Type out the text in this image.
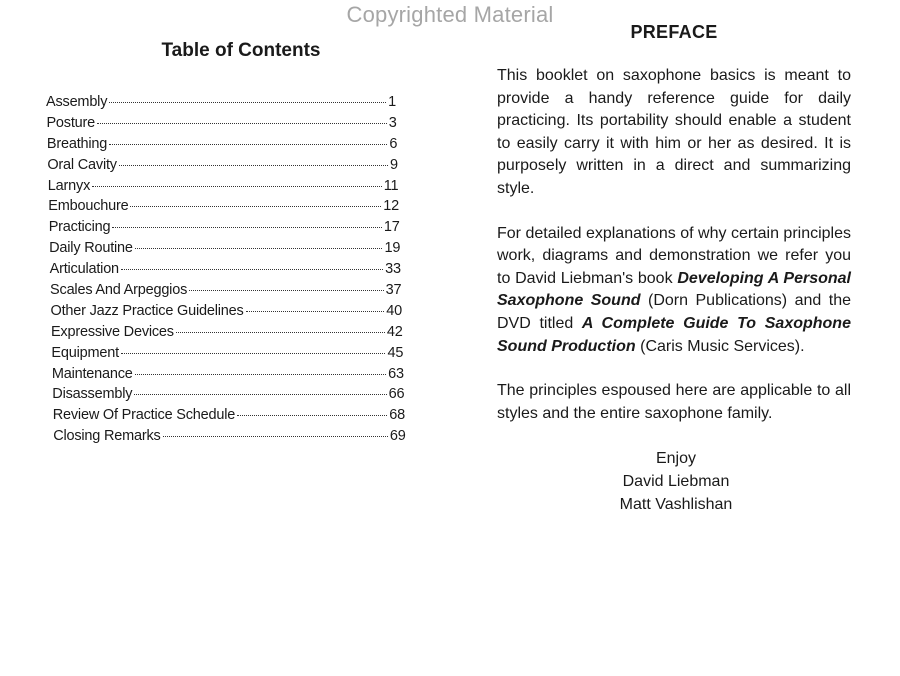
Copyrighted Material
Table of Contents
Assembly	1
Posture	3
Breathing	6
Oral Cavity	9
Larnyx	11
Embouchure	12
Practicing	17
Daily Routine	19
Articulation	33
Scales And Arpeggios	37
Other Jazz Practice Guidelines	40
Expressive Devices	42
Equipment	45
Maintenance	63
Disassembly	66
Review Of Practice Schedule	68
Closing Remarks	69
PREFACE

This booklet on saxophone basics is meant to provide a handy reference guide for daily practicing. Its portability should enable a student to easily carry it with him or her as desired. It is purposely written in a direct and summarizing style.

For detailed explanations of why certain principles work, diagrams and demonstration we refer you to David Liebman's book Developing A Personal Saxophone Sound (Dorn Publications) and the DVD titled A Complete Guide To Saxophone Sound Production (Caris Music Services).

The principles espoused here are applicable to all styles and the entire saxophone family.

Enjoy
David Liebman
Matt Vashlishan
